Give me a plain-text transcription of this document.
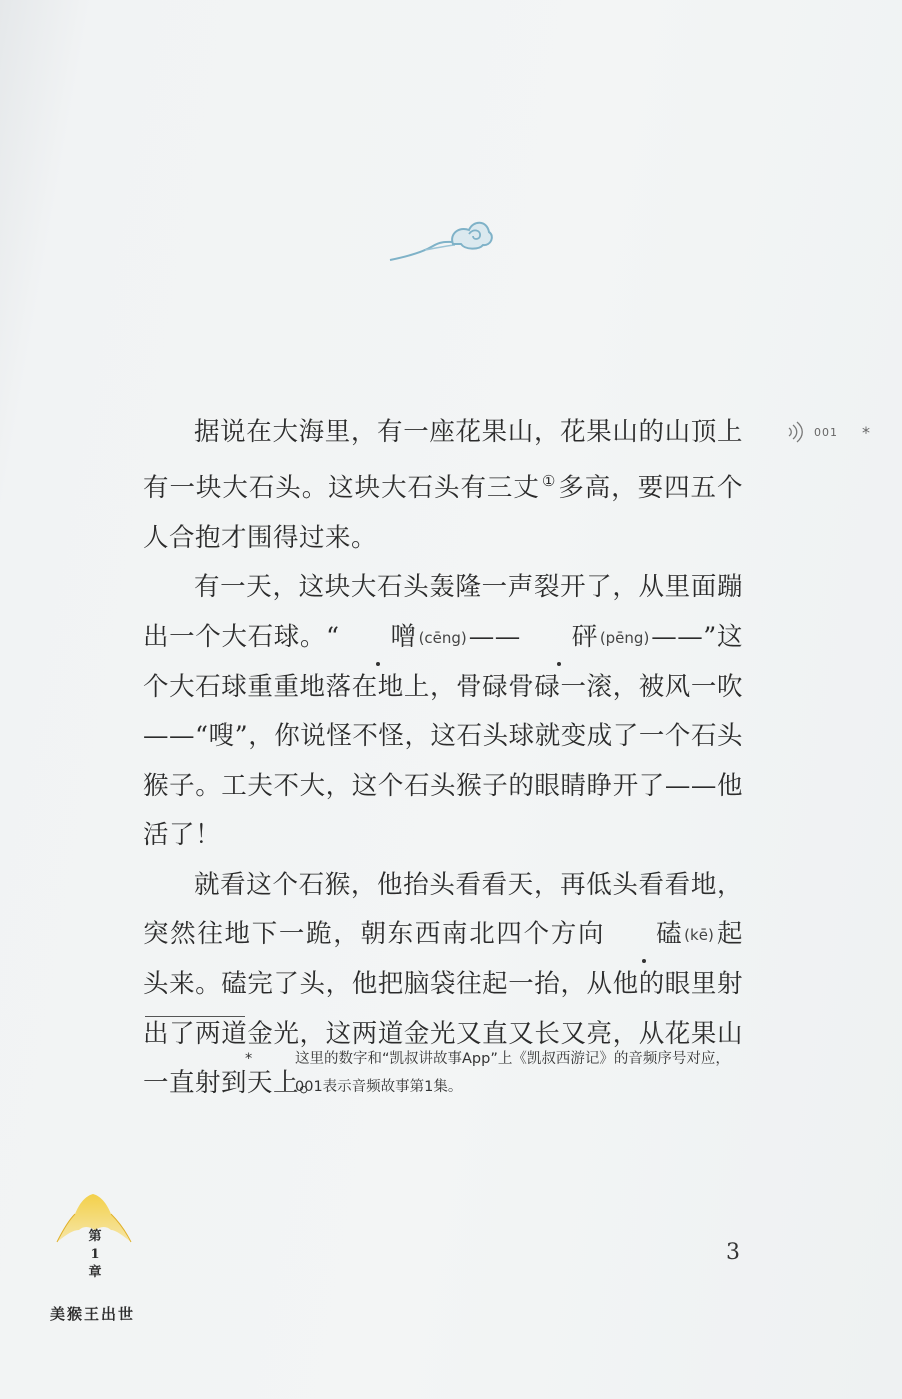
据说在大海里，有一座花果山，花果山的山顶上有一块大石头。这块大石头有三丈 ①多高，要四五个人合抱才围得过来。

有一天，这块大石头轰隆一声裂开了，从里面蹦出一个大石球。“ 噌 (cēng)—— 砰 (pēng)——”这个大石球重重地落在地上，骨碌骨碌一滚，被风一吹——“嗖”，你说怪不怪，这石头球就变成了一个石头猴子。工夫不大，这个石头猴子的眼睛睁开了——他活了！

就看这个石猴，他抬头看看天，再低头看看地，突然往地下一跪，朝东西南北四个方向 磕 (kē)起头来。磕完了头，他把脑袋往起一抬，从他的眼里射出了两道金光，这两道金光又直又长又亮，从花果山一直射到天上。

001 *
*	这里的数字和“凯叔讲故事App”上《凯叔西游记》的音频序号对应，001表示音频故事第1集。
第
1
章
美猴王出世
3
